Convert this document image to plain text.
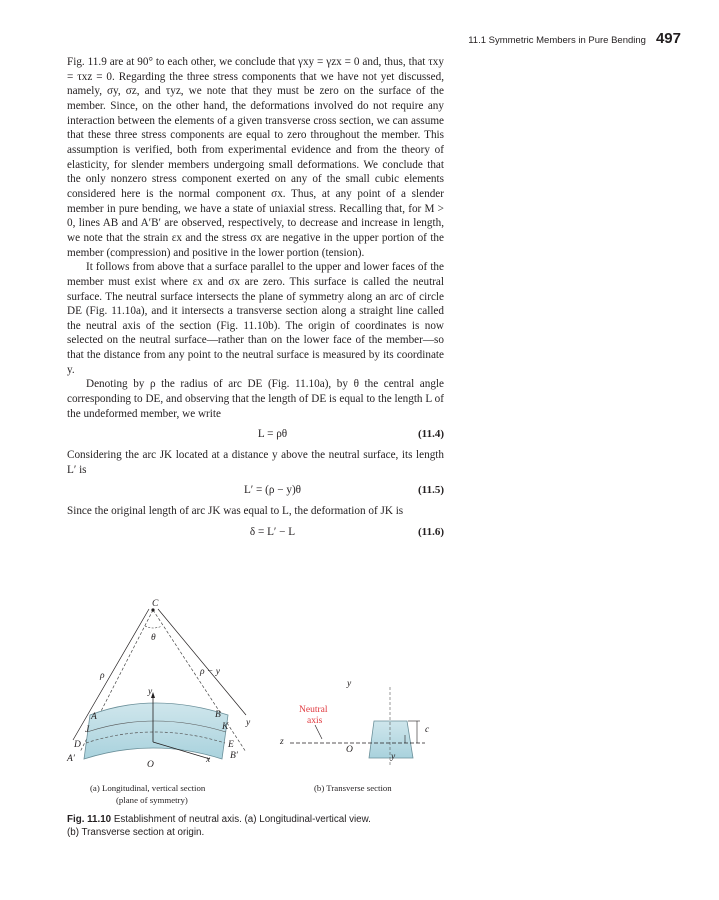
11.1 Symmetric Members in Pure Bending 497

Fig. 11.9 are at 90° to each other, we conclude that γxy = γzx = 0 and, thus, that τxy = τxz = 0. Regarding the three stress components that we have not yet discussed, namely, σy, σz, and τyz, we note that they must be zero on the surface of the member. Since, on the other hand, the deformations involved do not require any interaction between the elements of a given transverse cross section, we can assume that these three stress components are equal to zero throughout the member. This assumption is verified, both from experimental evidence and from the theory of elasticity, for slender members undergoing small deformations. We conclude that the only nonzero stress component exerted on any of the small cubic elements considered here is the normal component σx. Thus, at any point of a slender member in pure bending, we have a state of uniaxial stress. Recalling that, for M > 0, lines AB and A′B′ are observed, respectively, to decrease and increase in length, we note that the strain εx and the stress σx are negative in the upper portion of the member (compression) and positive in the lower portion (tension).

It follows from above that a surface parallel to the upper and lower faces of the member must exist where εx and σx are zero. This surface is called the neutral surface. The neutral surface intersects the plane of symmetry along an arc of circle DE (Fig. 11.10a), and it intersects a transverse section along a straight line called the neutral axis of the section (Fig. 11.10b). The origin of coordinates is now selected on the neutral surface—rather than on the lower face of the member—so that the distance from any point to the neutral surface is measured by its coordinate y.

Denoting by ρ the radius of arc DE (Fig. 11.10a), by θ the central angle corresponding to DE, and observing that the length of DE is equal to the length L of the undeformed member, we write

L = ρθ	(11.4)

Considering the arc JK located at a distance y above the neutral surface, its length L′ is

L′ = (ρ − y)θ	(11.5)

Since the original length of arc JK was equal to L, the deformation of JK is

δ = L′ − L	(11.6)
C
θ
ρ	ρ − y
y
A	B
J	K y
D	E
A′	B′
O	x
y
Neutral
axis
z
O
c
y
(a) Longitudinal, vertical section
(plane of symmetry)
(b) Transverse section
Fig. 11.10 Establishment of neutral axis. (a) Longitudinal-vertical view.
(b) Transverse section at origin.
